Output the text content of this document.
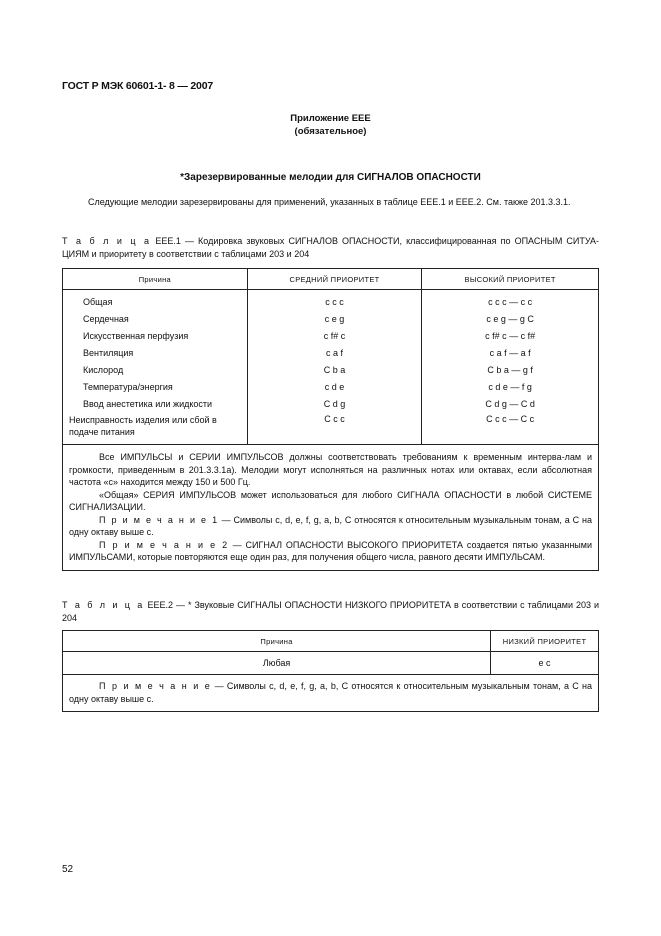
ГОСТ Р МЭК 60601-1- 8 — 2007
Приложение ЕЕЕ
(обязательное)
*Зарезервированные мелодии для СИГНАЛОВ ОПАСНОСТИ
Следующие мелодии зарезервированы для применений, указанных в таблице ЕЕЕ.1 и ЕЕЕ.2. См. также 201.3.3.1.
Т а б л и ц а ЕЕЕ.1 — Кодировка звуковых СИГНАЛОВ ОПАСНОСТИ, классифицированная по ОПАСНЫМ СИТУА-ЦИЯМ и приоритету в соответствии с таблицами 203 и 204
Причина	СРЕДНИЙ ПРИОРИТЕТ	ВЫСОКИЙ ПРИОРИТЕТ
Общая	c c c	c c c — c c
Сердечная	c e g	c e g — g C
Искусственная перфузия	c f# c	c f# c — c f#
Вентиляция	c a f	c a f — a f
Кислород	C b a	C b a — g f
Температура/энергия	c d e	c d e — f g
Ввод анестетика или жидкости	C d g	C d g — C d
Неисправность изделия или сбой в подаче питания	C c c	C c c — C c

Все ИМПУЛЬСЫ и СЕРИИ ИМПУЛЬСОВ должны соответствовать требованиям к временным интерва-лам и громкости, приведенным в 201.3.3.1а). Мелодии могут исполняться на различных нотах или октавах, если абсолютная частота «с» находится между 150 и 500 Гц.

«Общая» СЕРИЯ ИМПУЛЬСОВ может использоваться для любого СИГНАЛА ОПАСНОСТИ в любой СИСТЕМЕ СИГНАЛИЗАЦИИ.

П р и м е ч а н и е 1 — Символы c, d, e, f, g, a, b, C относятся к относительным музыкальным тонам, а С на одну октаву выше с.

П р и м е ч а н и е 2 — СИГНАЛ ОПАСНОСТИ ВЫСОКОГО ПРИОРИТЕТА создается пятью указанными ИМПУЛЬСАМИ, которые повторяются еще один раз, для получения общего числа, равного десяти ИМПУЛЬСАМ.

Т а б л и ц а ЕЕЕ.2 — * Звуковые СИГНАЛЫ ОПАСНОСТИ НИЗКОГО ПРИОРИТЕТА в соответствии с таблицами 203 и 204
Причина	НИЗКИЙ ПРИОРИТЕТ
Любая	e c

П р и м е ч а н и е — Символы c, d, e, f, g, a, b, C относятся к относительным музыкальным тонам, а С на одну октаву выше c.

52
